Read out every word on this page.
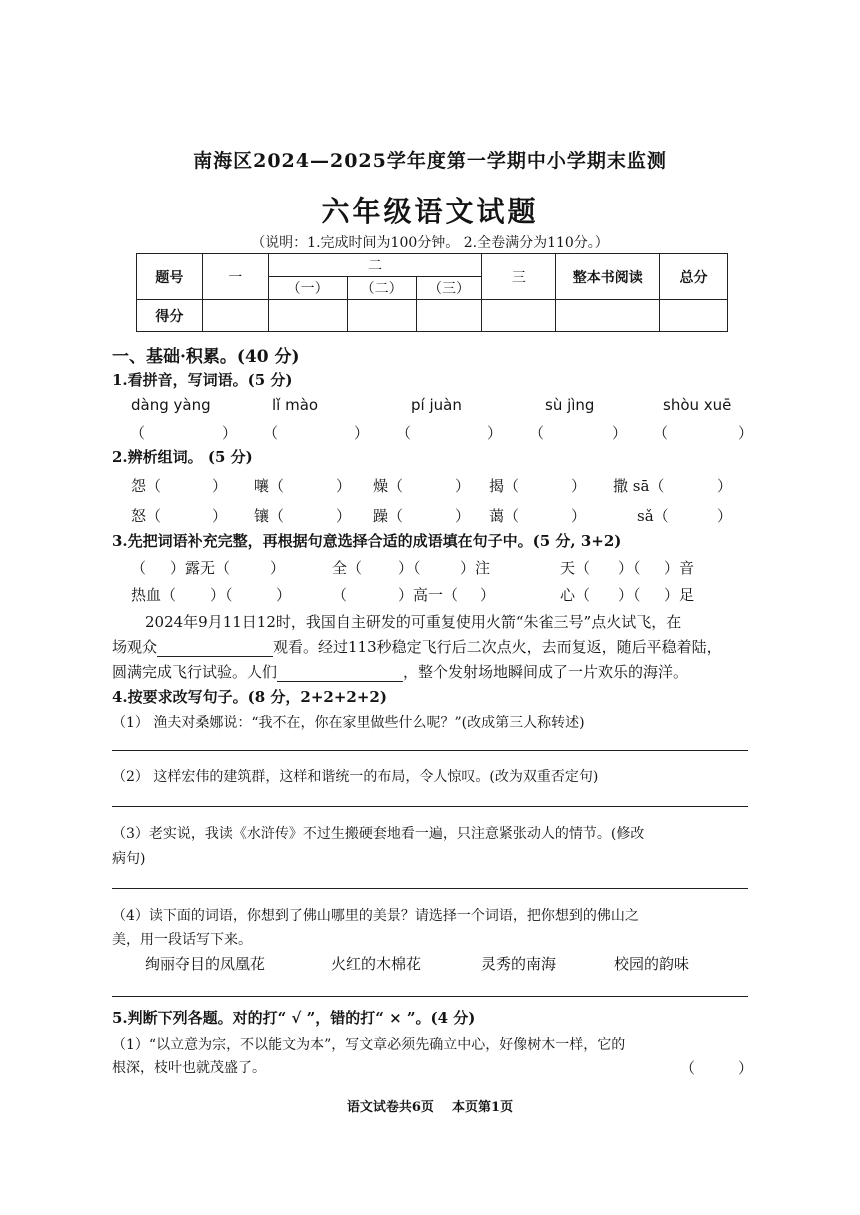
南海区2024—2025学年度第一学期中小学期末监测
六年级语文试题
（说明：1.完成时间为100分钟。 2.全卷满分为110分。）
题号	一	二			三	整本书阅读	总分
		（一）	（二）	（三）			
得分							
一、基础·积累。(40 分)
1.看拼音，写词语。(5 分)
dàng yàng	lǐ mào	pí juàn	sù jìng	shòu xuē
（	） （	） （	） （	） （	）
2.辨析组词。 (5 分)
怨（	） 嚷（	） 燥（	） 揭（	） 撒 sā（	）
怒（	） 镶（	） 躁（	） 蔼（	）	sǎ（	）
3.先把词语补充完整，再根据句意选择合适的成语填在句子中。(5 分, 3+2)
（ ）露无（	）	全（ ）（	）注	天（ ）（ ）音
热血（ ）（	）	（	）高一（ ）	心（ ）（ ）足
2024年9月11日12时，我国自主研发的可重复使用火箭“朱雀三号”点火试飞，在
场观众	观看。经过113秒稳定飞行后二次点火，去而复返，随后平稳着陆，
圆满完成飞行试验。人们	，整个发射场地瞬间成了一片欢乐的海洋。
4.按要求改写句子。(8 分，2+2+2+2)
（1） 渔夫对桑娜说：“我不在，你在家里做些什么呢？”(改成第三人称转述)
（2） 这样宏伟的建筑群，这样和谐统一的布局，令人惊叹。(改为双重否定句)
（3）老实说，我读《水浒传》不过生搬硬套地看一遍，只注意紧张动人的情节。(修改
病句)
（4）读下面的词语，你想到了佛山哪里的美景？请选择一个词语，把你想到的佛山之
美，用一段话写下来。
绚丽夺目的凤凰花	火红的木棉花	灵秀的南海	校园的韵味
5.判断下列各题。对的打“ √ ”，错的打“ × ”。(4 分)
（1）“以立意为宗，不以能文为本”，写文章必须先确立中心，好像树木一样，它的
根深，枝叶也就茂盛了。	（	）
语文试卷共6页    本页第1页
